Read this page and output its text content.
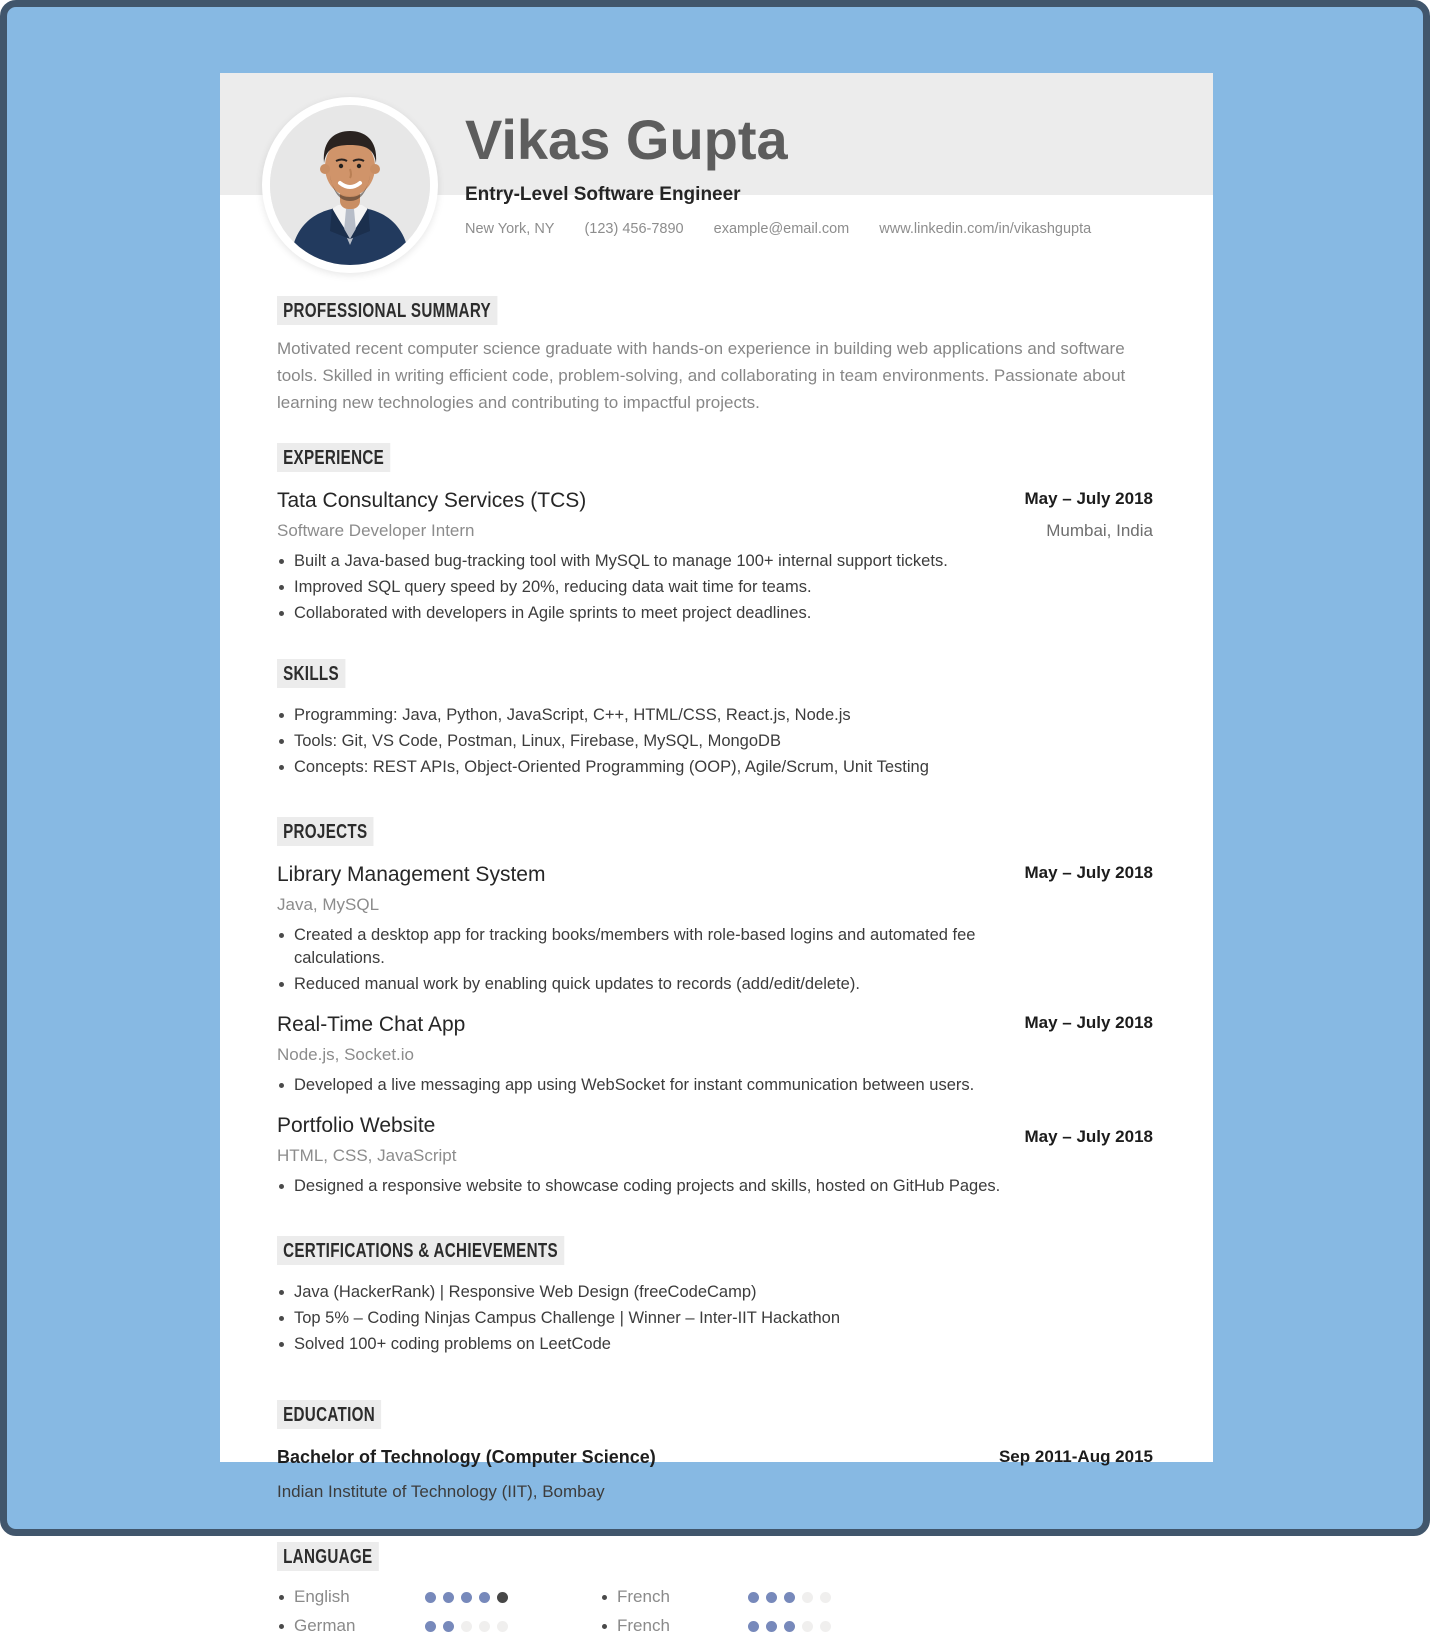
Vikas Gupta
Entry-Level Software Engineer
New York, NY (123) 456-7890 example@email.com www.linkedin.com/in/vikashgupta
PROFESSIONAL SUMMARY

Motivated recent computer science graduate with hands-on experience in building web applications and software tools. Skilled in writing efficient code, problem-solving, and collaborating in team environments. Passionate about learning new technologies and contributing to impactful projects.

EXPERIENCE
Tata Consultancy Services (TCS)	May – July 2018
Software Developer Intern	Mumbai, India
Built a Java-based bug-tracking tool with MySQL to manage 100+ internal support tickets.
Improved SQL query speed by 20%, reducing data wait time for teams.
Collaborated with developers in Agile sprints to meet project deadlines.
SKILLS
Programming: Java, Python, JavaScript, C++, HTML/CSS, React.js, Node.js
Tools: Git, VS Code, Postman, Linux, Firebase, MySQL, MongoDB
Concepts: REST APIs, Object-Oriented Programming (OOP), Agile/Scrum, Unit Testing
PROJECTS
Library Management System	May – July 2018
Java, MySQL
Created a desktop app for tracking books/members with role-based logins and automated fee calculations.
Reduced manual work by enabling quick updates to records (add/edit/delete).
Real-Time Chat App	May – July 2018
Node.js, Socket.io
Developed a live messaging app using WebSocket for instant communication between users.
Portfolio Website	May – July 2018
HTML, CSS, JavaScript
Designed a responsive website to showcase coding projects and skills, hosted on GitHub Pages.
CERTIFICATIONS & ACHIEVEMENTS
Java (HackerRank) | Responsive Web Design (freeCodeCamp)
Top 5% – Coding Ninjas Campus Challenge | Winner – Inter-IIT Hackathon
Solved 100+ coding problems on LeetCode
EDUCATION
Bachelor of Technology (Computer Science)	Sep 2011-Aug 2015
Indian Institute of Technology (IIT), Bombay
LANGUAGE
English	French
German	French
